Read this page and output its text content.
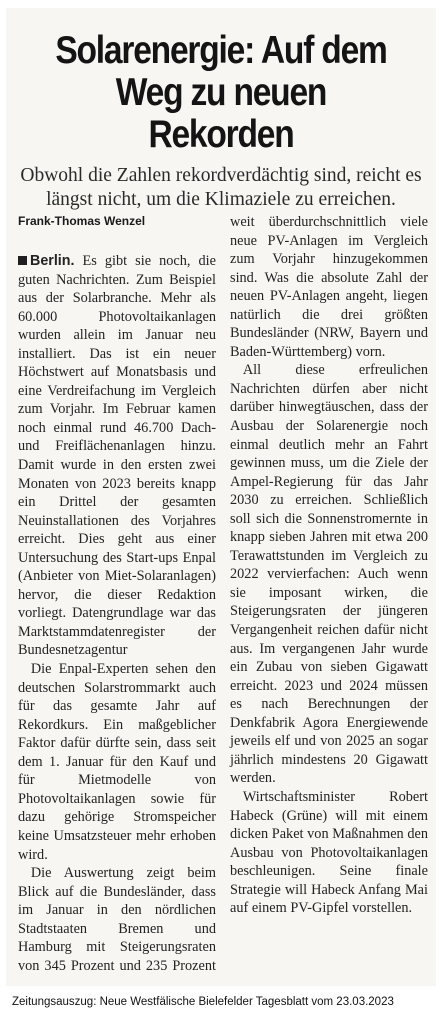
Solarenergie: Auf dem Weg zu neuen Rekorden
Obwohl die Zahlen rekordverdächtig sind, reicht es längst nicht, um die Klimaziele zu erreichen.
Frank-Thomas Wenzel

Berlin. Es gibt sie noch, die guten Nachrichten. Zum Beispiel aus der Solarbranche. Mehr als 60.000 Photovoltaikanlagen wurden allein im Januar neu installiert. Das ist ein neuer Höchstwert auf Monatsbasis und eine Verdreifachung im Vergleich zum Vorjahr. Im Februar kamen noch einmal rund 46.700 Dach- und Freiflächenanlagen hinzu. Damit wurde in den ersten zwei Monaten von 2023 bereits knapp ein Drittel der gesamten Neuinstallationen des Vorjahres erreicht. Dies geht aus einer Untersuchung des Start-ups Enpal (Anbieter von Miet-Solaranlagen) hervor, die dieser Redaktion vorliegt. Datengrundlage war das Marktstammdatenregister der Bundesnetzagentur

Die Enpal-Experten sehen den deutschen Solarstrommarkt auch für das gesamte Jahr auf Rekordkurs. Ein maßgeblicher Faktor dafür dürfte sein, dass seit dem 1. Januar für den Kauf und für Mietmodelle von Photovoltaikanlagen sowie für dazu gehörige Stromspeicher keine Umsatzsteuer mehr erhoben wird.

Die Auswertung zeigt beim Blick auf die Bundesländer, dass im Januar in den nördlichen Stadtstaaten Bremen und Hamburg mit Steigerungsraten von 345 Prozent und 235 Prozent weit überdurchschnittlich viele neue PV-Anlagen im Vergleich zum Vorjahr hinzugekommen sind. Was die absolute Zahl der neuen PV-Anlagen angeht, liegen natürlich die drei größten Bundesländer (NRW, Bayern und Baden-Württemberg) vorn.

All diese erfreulichen Nachrichten dürfen aber nicht darüber hinwegtäuschen, dass der Ausbau der Solarenergie noch einmal deutlich mehr an Fahrt gewinnen muss, um die Ziele der Ampel-Regierung für das Jahr 2030 zu erreichen. Schließlich soll sich die Sonnenstromernte in knapp sieben Jahren mit etwa 200 Terawattstunden im Vergleich zu 2022 vervierfachen: Auch wenn sie imposant wirken, die Steigerungsraten der jüngeren Vergangenheit reichen dafür nicht aus. Im vergangenen Jahr wurde ein Zubau von sieben Gigawatt erreicht. 2023 und 2024 müssen es nach Berechnungen der Denkfabrik Agora Energiewende jeweils elf und von 2025 an sogar jährlich mindestens 20 Gigawatt werden.

Wirtschaftsminister Robert Habeck (Grüne) will mit einem dicken Paket von Maßnahmen den Ausbau von Photovoltaikanlagen beschleunigen. Seine finale Strategie will Habeck Anfang Mai auf einem PV-Gipfel vorstellen.

Zeitungsauszug: Neue Westfälische Bielefelder Tagesblatt vom 23.03.2023
